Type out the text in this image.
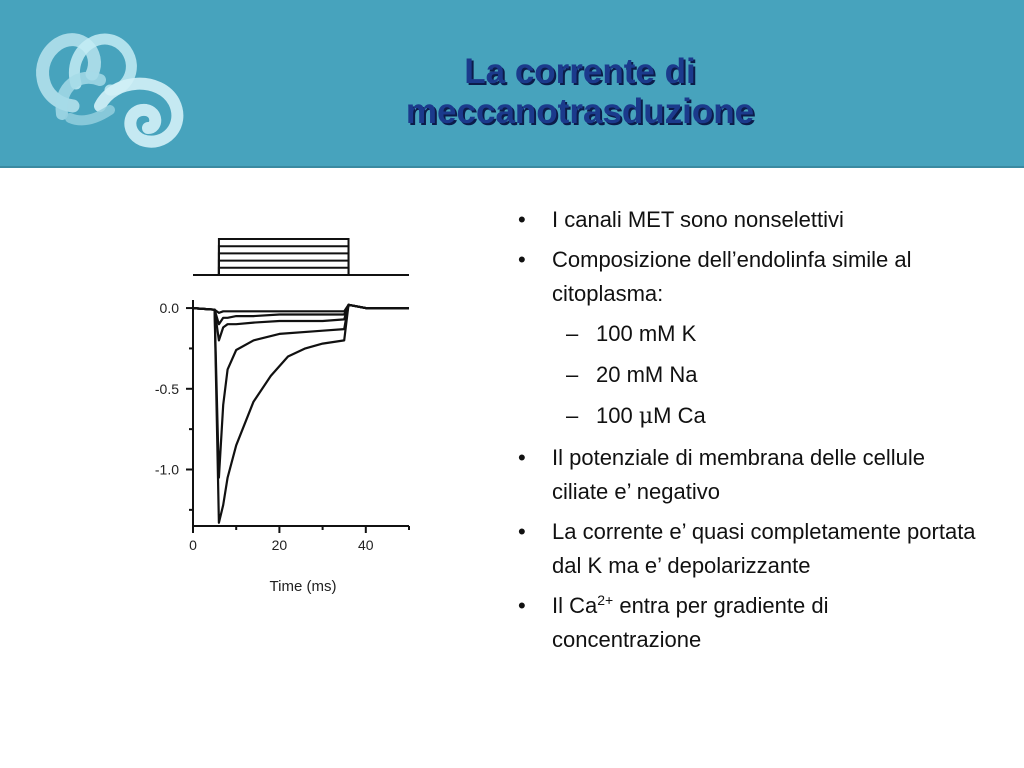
La corrente di
meccanotrasduzione
0.0
-0.5
-1.0
0	20	40
Time (ms)
• I canali MET sono nonselettivi
• Composizione dell’endolinfa simile al citoplasma:
– 100 mM K
– 20 mM Na
– 100 μM Ca
• Il potenziale di membrana delle cellule ciliate e’ negativo
• La corrente e’ quasi completamente portata dal K ma e’ depolarizzante
• Il $Ca^{2+}$ entra per gradiente di concentrazione
